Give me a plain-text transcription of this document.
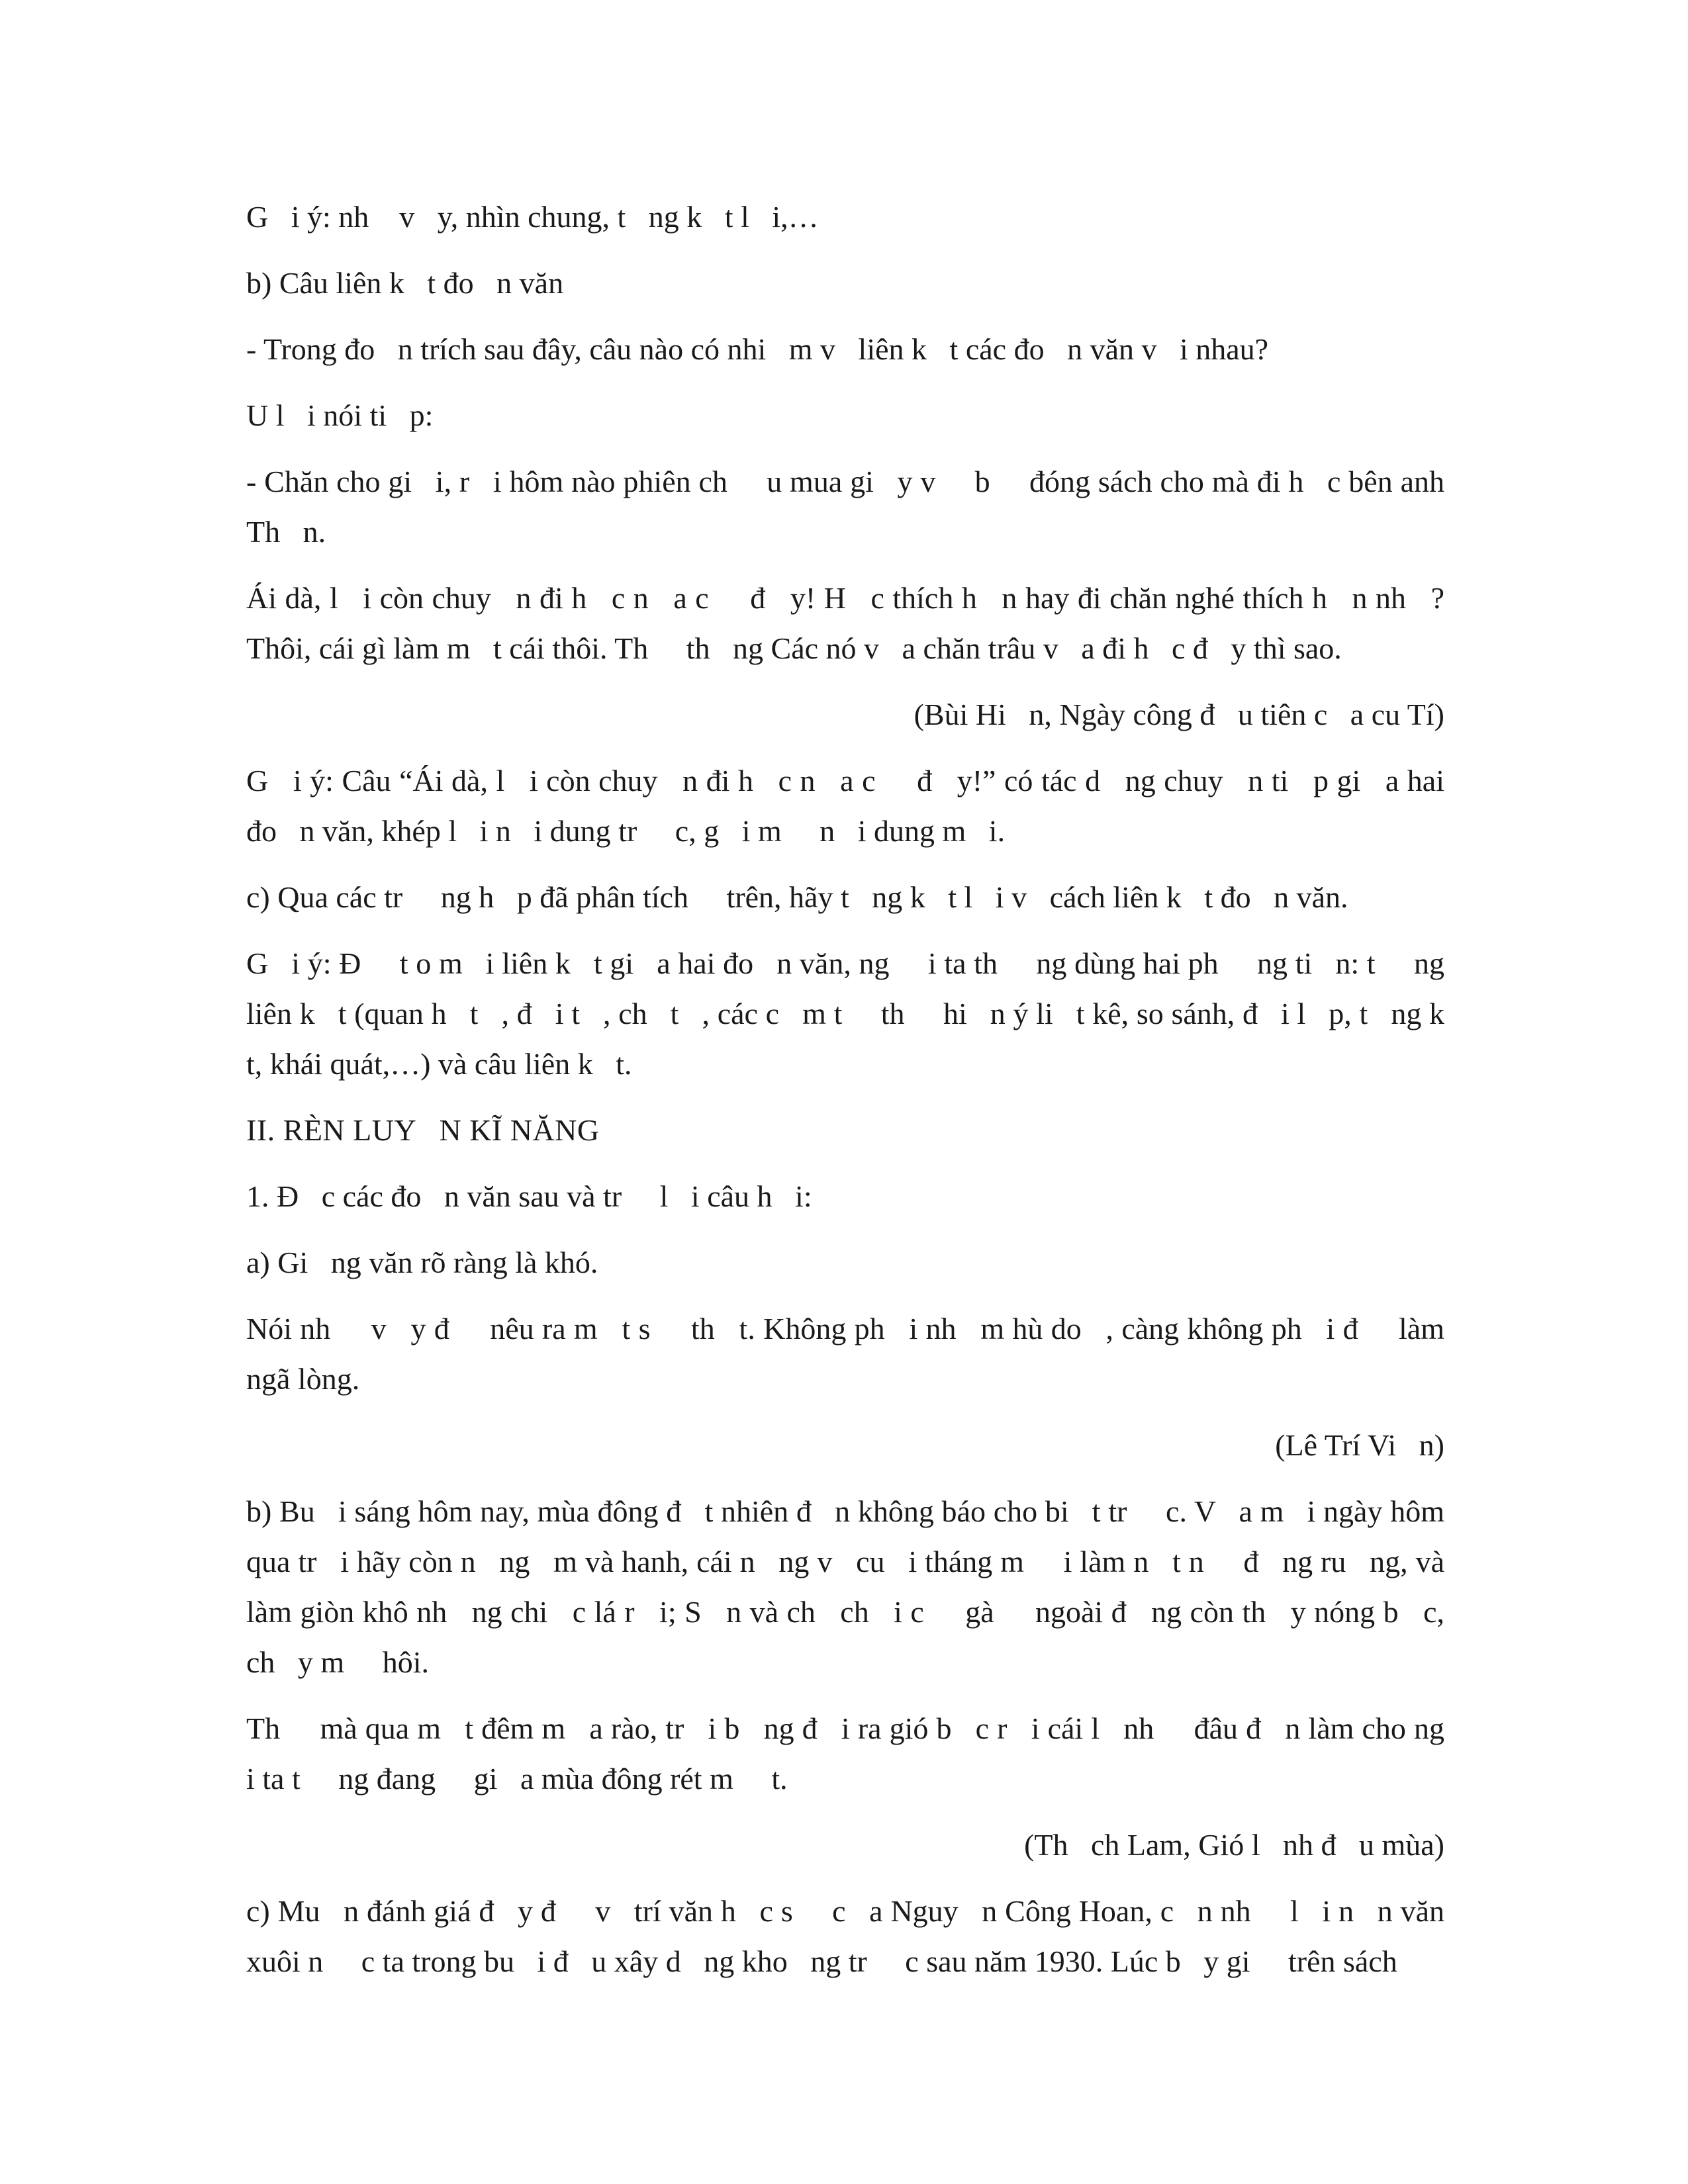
G   i ý: nh    v   y, nhìn chung, t   ng k   t l   i,…

b) Câu liên k   t đo   n văn

- Trong đo   n trích sau đây, câu nào có nhi   m v   liên k   t các đo   n văn v   i nhau?

U l   i nói ti   p:

- Chăn cho gi   i, r   i hôm nào phiên ch     u mua gi   y v     b     đóng sách cho mà đi h   c bên anh Th   n.

Ái dà, l   i còn chuy   n đi h   c n   a c     đ   y! H   c thích h   n hay đi chăn nghé thích h   n nh   ? Thôi, cái gì làm m   t cái thôi. Th     th   ng Các nó v   a chăn trâu v   a đi h   c đ   y thì sao.

(Bùi Hi   n, Ngày công đ   u tiên c   a cu Tí)

G   i ý: Câu “Ái dà, l   i còn chuy   n đi h   c n   a c     đ   y!” có tác d   ng chuy   n ti   p gi   a hai đo   n văn, khép l   i n   i dung tr     c, g   i m     n   i dung m   i.

c) Qua các tr     ng h   p đã phân tích     trên, hãy t   ng k   t l   i v   cách liên k   t đo   n văn.

G   i ý: Đ     t o m   i liên k   t gi   a hai đo   n văn, ng     i ta th     ng dùng hai ph     ng ti   n: t     ng   liên k   t (quan h   t   , đ   i t   , ch   t   , các c   m t     th     hi   n ý li   t kê, so sánh, đ   i l   p, t   ng k   t, khái quát,…) và câu liên k   t.

II. RÈN LUY   N KĨ NĂNG

1. Đ   c các đo   n văn sau và tr     l   i câu h   i:

a) Gi   ng văn rõ ràng là khó.

Nói nh     v   y đ     nêu ra m   t s     th   t. Không ph   i nh   m hù do   , càng không ph   i đ     làm ngã lòng.

(Lê Trí Vi   n)

b) Bu   i sáng hôm nay, mùa đông đ   t nhiên đ   n không báo cho bi   t tr     c. V   a m   i ngày hôm qua tr   i hãy còn n   ng   m và hanh, cái n   ng v   cu   i tháng m     i làm n   t n     đ   ng ru   ng, và làm giòn khô nh   ng chi   c lá r   i; S   n và ch   ch   i c     gà     ngoài đ   ng còn th   y nóng b   c, ch   y m     hôi.

Th     mà qua m   t đêm m   a rào, tr   i b   ng đ   i ra gió b   c r   i cái l   nh     đâu đ   n làm cho ng     i ta t     ng đang     gi   a mùa đông rét m     t.

(Th   ch Lam, Gió l   nh đ   u mùa)

c) Mu   n đánh giá đ   y đ     v   trí văn h   c s     c   a Nguy   n Công Hoan, c   n nh     l   i n   n văn xuôi n     c ta trong bu   i đ   u xây d   ng kho   ng tr     c sau năm 1930. Lúc b   y gi     trên sách
